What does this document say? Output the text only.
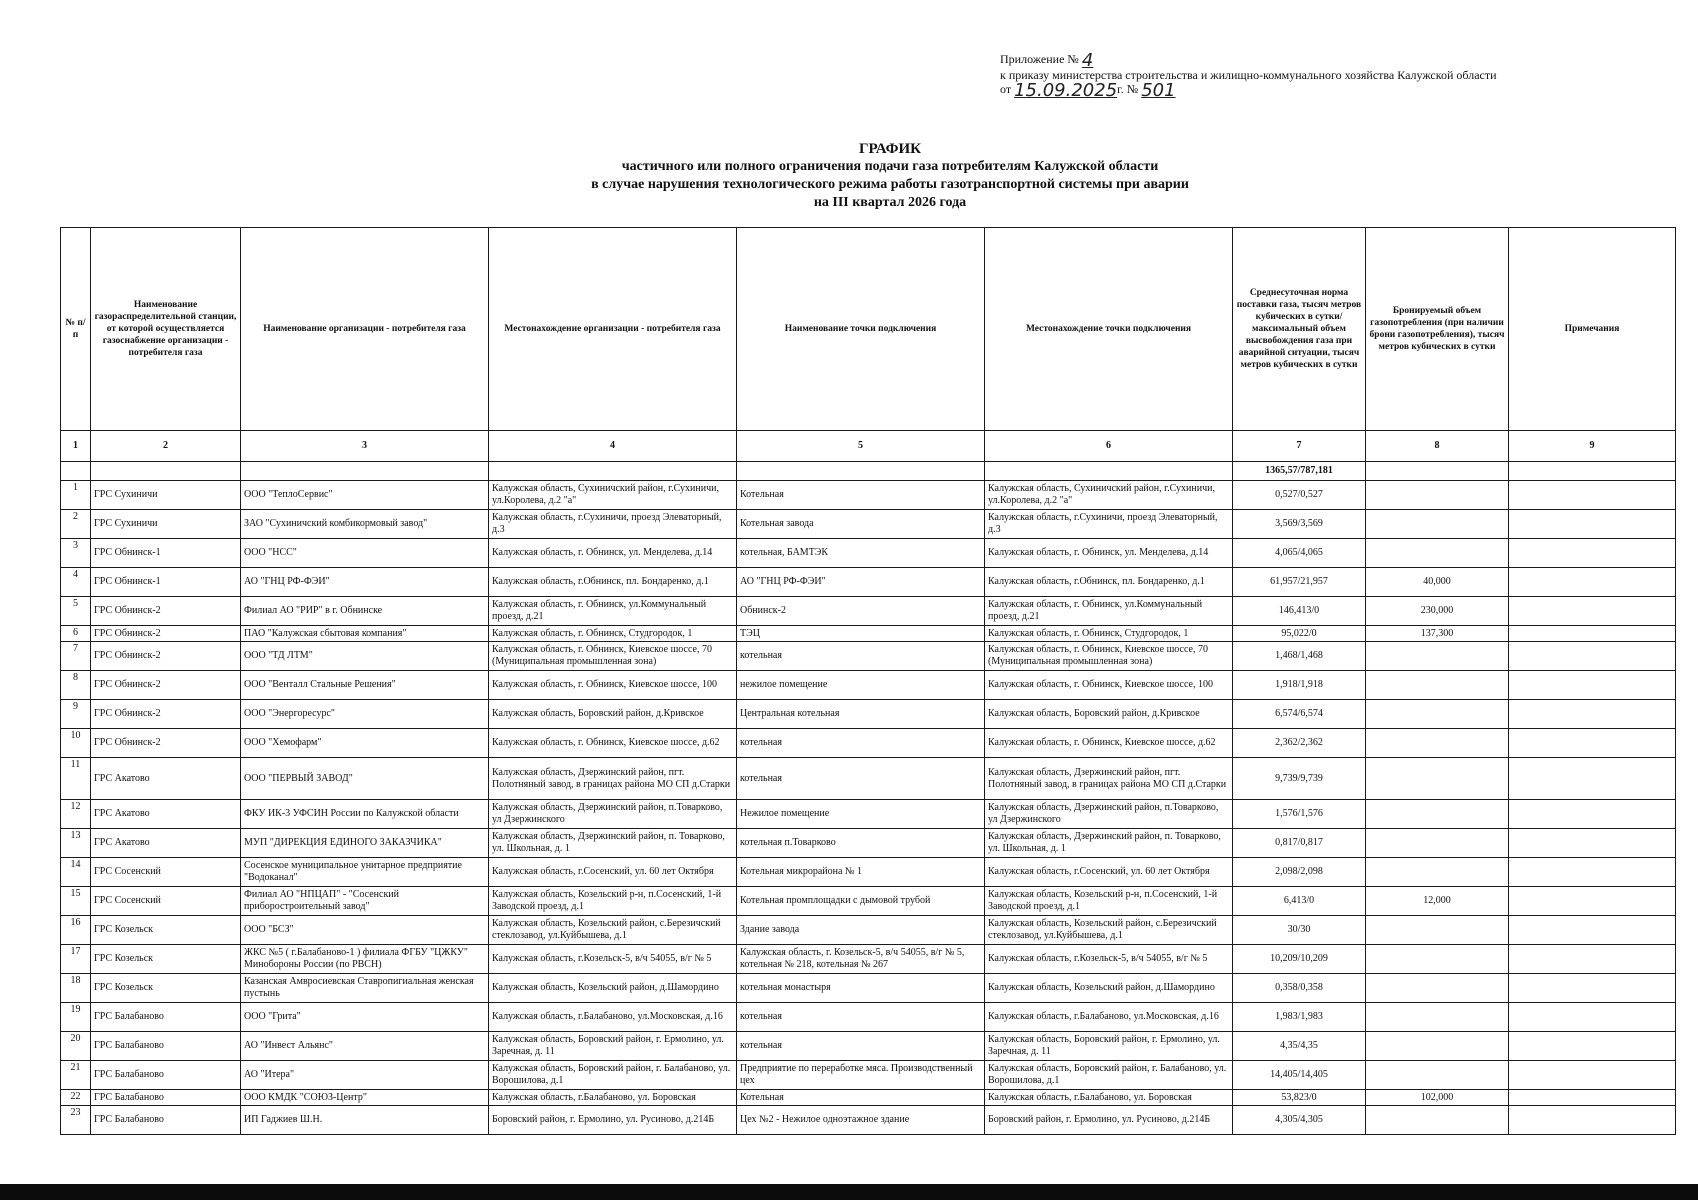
Приложение № 4
к приказу министерства строительства и жилищно-коммунального хозяйства Калужской области
от 15.09.2025г. № 501
ГРАФИК
частичного или полного ограничения подачи газа потребителям Калужской области
в случае нарушения технологического режима работы газотранспортной системы при аварии
на III квартал 2026 года
№ п/п	Наименование газораспределительной станции, от которой осуществляется газоснабжение организации - потребителя газа	Наименование организации - потребителя газа	Местонахождение организации - потребителя газа	Наименование точки подключения	Местонахождение точки подключения	Среднесуточная норма поставки газа, тысяч метров кубических в сутки/максимальный объем высвобождения газа при аварийной ситуации, тысяч метров кубических в сутки	Бронируемый объем газопотребления (при наличии брони газопотребления), тысяч метров кубических в сутки	Примечания
1	2	3	4	5	6	7	8	9
						1365,57/787,181		
1	ГРС Сухиничи	ООО "ТеплоСервис"	Калужская область, Сухиничский район, г.Сухиничи, ул.Королева, д.2 "а"	Котельная	Калужская область, Сухиничский район, г.Сухиничи, ул.Королева, д.2 "а"	0,527/0,527		
2	ГРС Сухиничи	ЗАО "Сухиничский комбикормовый завод"	Калужская область, г.Сухиничи, проезд Элеваторный, д.3	Котельная завода	Калужская область, г.Сухиничи, проезд Элеваторный, д.3	3,569/3,569		
3	ГРС Обнинск-1	ООО "НСС"	Калужская область, г. Обнинск, ул. Менделева, д.14	котельная, БАМТЭК	Калужская область, г. Обнинск, ул. Менделева, д.14	4,065/4,065		
4	ГРС Обнинск-1	АО "ГНЦ РФ-ФЭИ"	Калужская область, г.Обнинск, пл. Бондаренко, д.1	АО "ГНЦ РФ-ФЭИ"	Калужская область, г.Обнинск, пл. Бондаренко, д.1	61,957/21,957	40,000	
5	ГРС Обнинск-2	Филиал АО "РИР" в г. Обнинске	Калужская область, г. Обнинск, ул.Коммунальный проезд, д.21	Обнинск-2	Калужская область, г. Обнинск, ул.Коммунальный проезд, д.21	146,413/0	230,000	
6	ГРС Обнинск-2	ПАО "Калужская сбытовая компания"	Калужская область, г. Обнинск, Студгородок, 1	ТЭЦ	Калужская область, г. Обнинск, Студгородок, 1	95,022/0	137,300	
7	ГРС Обнинск-2	ООО "ТД ЛТМ"	Калужская область, г. Обнинск, Киевское шоссе, 70 (Муниципальная промышленная зона)	котельная	Калужская область, г. Обнинск, Киевское шоссе, 70 (Муниципальная промышленная зона)	1,468/1,468		
8	ГРС Обнинск-2	ООО "Венталл Стальные Решения"	Калужская область, г. Обнинск, Киевское шоссе, 100	нежилое помещение	Калужская область, г. Обнинск, Киевское шоссе, 100	1,918/1,918		
9	ГРС Обнинск-2	ООО "Энергоресурс"	Калужская область, Боровский район, д.Кривское	Центральная котельная	Калужская область, Боровский район, д.Кривское	6,574/6,574		
10	ГРС Обнинск-2	ООО "Хемофарм"	Калужская область, г. Обнинск, Киевское шоссе, д.62	котельная	Калужская область, г. Обнинск, Киевское шоссе, д.62	2,362/2,362		
11	ГРС Акатово	ООО "ПЕРВЫЙ ЗАВОД"	Калужская область, Дзержинский район, пгт. Полотняный завод, в границах района МО СП д.Старки	котельная	Калужская область, Дзержинский район, пгт. Полотняный завод, в границах района МО СП д.Старки	9,739/9,739		
12	ГРС Акатово	ФКУ ИК-3 УФСИН России по Калужской области	Калужская область, Дзержинский район, п.Товарково, ул Дзержинского	Нежилое помещение	Калужская область, Дзержинский район, п.Товарково, ул Дзержинского	1,576/1,576		
13	ГРС Акатово	МУП "ДИРЕКЦИЯ ЕДИНОГО ЗАКАЗЧИКА"	Калужская область, Дзержинский район, п. Товарково, ул. Школьная, д. 1	котельная п.Товарково	Калужская область, Дзержинский район, п. Товарково, ул. Школьная, д. 1	0,817/0,817		
14	ГРС Сосенский	Сосенское муниципальное унитарное предприятие "Водоканал"	Калужская область, г.Сосенский, ул. 60 лет Октября	Котельная микрорайона № 1	Калужская область, г.Сосенский, ул. 60 лет Октября	2,098/2,098		
15	ГРС Сосенский	Филиал АО "НПЦАП" - "Сосенский приборостроительный завод"	Калужская область, Козельский р-н, п.Сосенский, 1-й Заводской проезд, д.1	Котельная промплощадки с дымовой трубой	Калужская область, Козельский р-н, п.Сосенский, 1-й Заводской проезд, д.1	6,413/0	12,000	
16	ГРС Козельск	ООО "БСЗ"	Калужская область, Козельский район, с.Березичский стеклозавод, ул.Куйбышева, д.1	Здание завода	Калужская область, Козельский район, с.Березичский стеклозавод, ул.Куйбышева, д.1	30/30		
17	ГРС Козельск	ЖКС №5 ( г.Балабаново-1 ) филиала ФГБУ "ЦЖКУ" Минобороны России (по РВСН)	Калужская область, г.Козельск-5, в/ч 54055, в/г № 5	Калужская область, г. Козельск-5, в/ч 54055, в/г № 5, котельная № 218, котельная № 267	Калужская область, г.Козельск-5, в/ч 54055, в/г № 5	10,209/10,209		
18	ГРС Козельск	Казанская Амвросиевская Ставропигиальная женская пустынь	Калужская область, Козельский район, д.Шамордино	котельная монастыря	Калужская область, Козельский район, д.Шамордино	0,358/0,358		
19	ГРС Балабаново	ООО "Грита"	Калужская область, г.Балабаново, ул.Московская, д.16	котельная	Калужская область, г.Балабаново, ул.Московская, д.16	1,983/1,983		
20	ГРС Балабаново	АО "Инвест Альянс"	Калужская область, Боровский район, г. Ермолино, ул. Заречная, д. 11	котельная	Калужская область, Боровский район, г. Ермолино, ул. Заречная, д. 11	4,35/4,35		
21	ГРС Балабаново	АО "Итера"	Калужская область, Боровский район, г. Балабаново, ул. Ворошилова, д.1	Предприятие по переработке мяса. Производственный цех	Калужская область, Боровский район, г. Балабаново, ул. Ворошилова, д.1	14,405/14,405		
22	ГРС Балабаново	ООО КМДК "СОЮЗ-Центр"	Калужская область, г.Балабаново, ул. Боровская	Котельная	Калужская область, г.Балабаново, ул. Боровская	53,823/0	102,000	
23	ГРС Балабаново	ИП Гаджиев Ш.Н.	Боровский район, г. Ермолино, ул. Русиново, д.214Б	Цех №2 - Нежилое одноэтажное здание	Боровский район, г. Ермолино, ул. Русиново, д.214Б	4,305/4,305		
